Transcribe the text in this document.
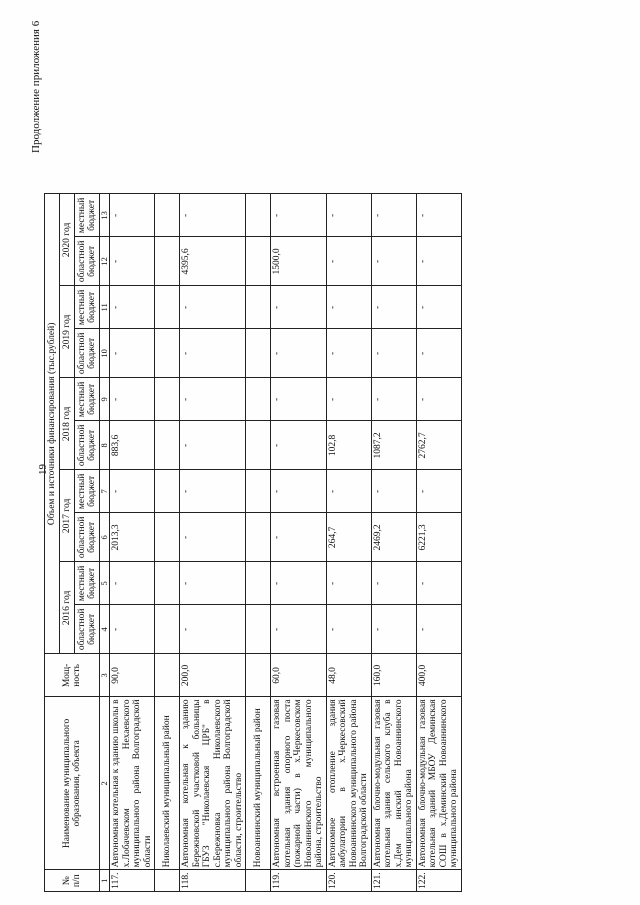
19
Продолжение приложения 6
№ п/п	Наименование муниципального образования, объекта	Мощ-ность	Объем и источники финансирования (тыс.рублей)									
			2016 год		2017 год		2018 год		2019 год		2020 год	
			областной бюджет	местный бюджет	областной бюджет	местный бюджет	областной бюджет	местный бюджет	областной бюджет	местный бюджет	областной бюджет	местный бюджет
1	2	3	4	5	6	7	8	9	10	11	12	13
117.	Автономная котельная к зданию школы в х.Лобачевском Нехаевского муниципального района Волгоградской области	90,0	-	-	2013,3	-	883,6	-	-	-	-	-
	Николаевский муниципальный район											
118.	Автономная котельная к зданию Бережновской участковой больницы ГБУЗ "Николаевская ЦРБ" в с.Бережновка Николаевского муниципального района Волгоградской области, строительство	200,0	-	-	-	-	-	-	-	-	4395,6	-
	Новоаннинский муниципальный район											
119.	Автономная встроенная газовая котельная здания опорного поста (пожарной части) в х.Черкесовском Новоаннинского муниципального района, строительство	60,0	-	-	-	-	-	-	-	-	1500,0	-
120.	Автономное отопление здания амбулатории в х.Черкесовский Новоаннинского муниципального района Волгоградской области	48,0	-	-	264,7	-	102,8	-	-	-	-	-
121.	Автономная блочно-модульная газовая котельная здания сельского клуба в х.Дем инский Новоаннинского муниципального района	160,0	-	-	2469,2	-	1087,2	-	-	-	-	-
122.	Автономная блочно-модульная газовая котельная зданий МБОУ Деминская СОШ в х.Деминский Новоаннинского муниципального района	400,0	-	-	6221,3	-	2762,7	-	-	-	-	-
